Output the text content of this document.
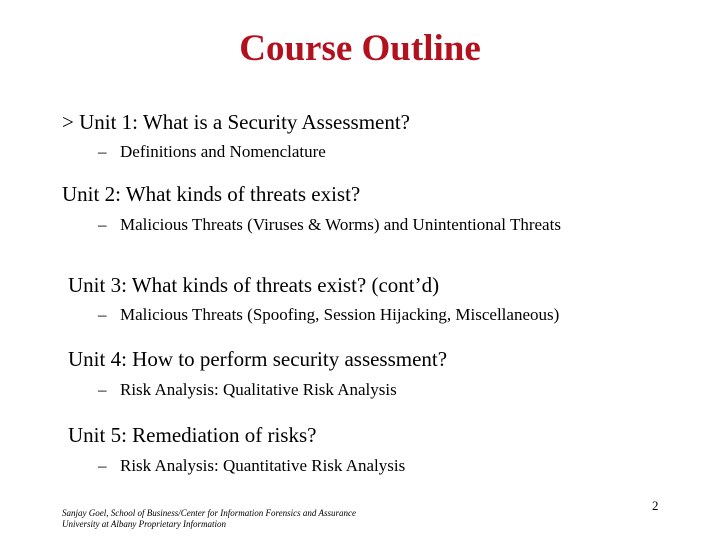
Course Outline
> Unit 1: What is a Security Assessment?
– Definitions and Nomenclature
Unit 2: What kinds of threats exist?
– Malicious Threats (Viruses & Worms) and Unintentional Threats
Unit 3: What kinds of threats exist? (cont’d)
– Malicious Threats (Spoofing, Session Hijacking, Miscellaneous)
Unit 4: How to perform security assessment?
– Risk Analysis: Qualitative Risk Analysis
Unit 5: Remediation of risks?
– Risk Analysis: Quantitative Risk Analysis
Sanjay Goel, School of Business/Center for Information Forensics and Assurance
University at Albany Proprietary Information
2
